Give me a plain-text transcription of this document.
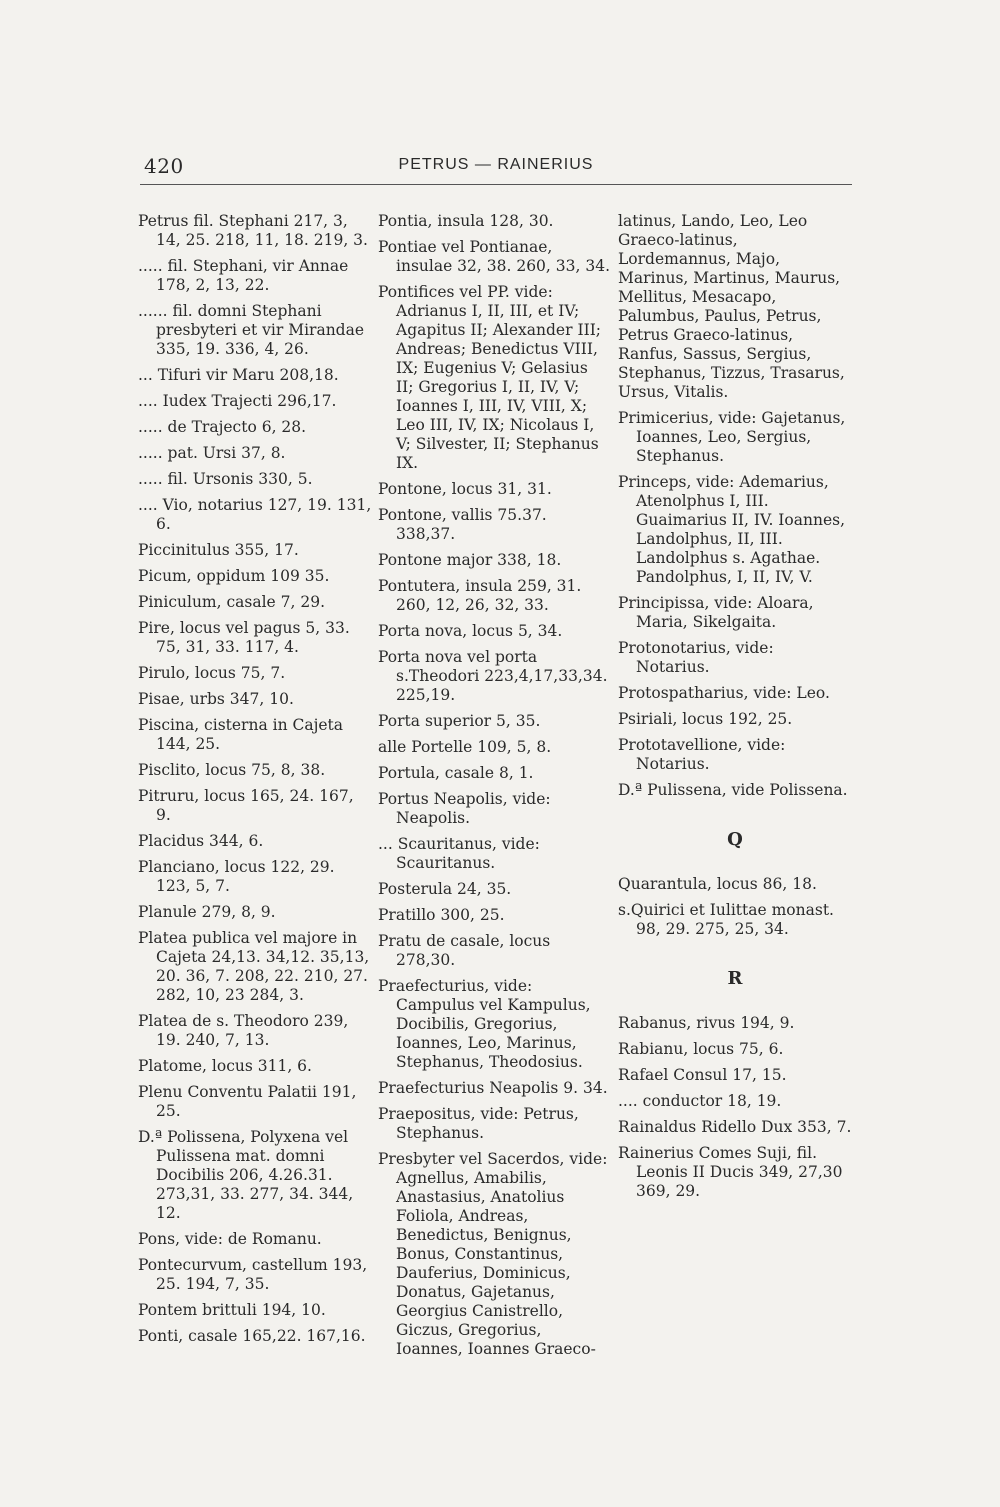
420	PETRUS — RAINERIUS
Petrus fil. Stephani 217, 3, 14, 25. 218, 11, 18. 219, 3.
..... fil. Stephani, vir Annae 178, 2, 13, 22.
...... fil. domni Stephani presbyteri et vir Mirandae 335, 19. 336, 4, 26.
... Tifuri vir Maru 208,18.
.... Iudex Trajecti 296,17.
..... de Trajecto 6, 28.
..... pat. Ursi 37, 8.
..... fil. Ursonis 330, 5.
.... Vio, notarius 127, 19. 131, 6.
Piccinitulus 355, 17.
Picum, oppidum 109 35.
Piniculum, casale 7, 29.
Pire, locus vel pagus 5, 33. 75, 31, 33. 117, 4.
Pirulo, locus 75, 7.
Pisae, urbs 347, 10.
Piscina, cisterna in Cajeta 144, 25.
Pisclito, locus 75, 8, 38.
Pitruru, locus 165, 24. 167, 9.
Placidus 344, 6.
Planciano, locus 122, 29. 123, 5, 7.
Planule 279, 8, 9.
Platea publica vel majore in Cajeta 24,13. 34,12. 35,13, 20. 36, 7. 208, 22. 210, 27. 282, 10, 23 284, 3.
Platea de s. Theodoro 239, 19. 240, 7, 13.
Platome, locus 311, 6.
Plenu Conventu Palatii 191, 25.
D.ª Polissena, Polyxena vel Pulissena mat. domni Docibilis 206, 4.26.31. 273,31, 33. 277, 34. 344, 12.
Pons, vide: de Romanu.
Pontecurvum, castellum 193, 25. 194, 7, 35.
Pontem brittuli 194, 10.
Ponti, casale 165,22. 167,16.
Pontia, insula 128, 30.
Pontiae vel Pontianae, insulae 32, 38. 260, 33, 34.
Pontifices vel PP. vide: Adrianus I, II, III, et IV; Agapitus II; Alexander III; Andreas; Benedictus VIII, IX; Eugenius V; Gelasius II; Gregorius I, II, IV, V; Ioannes I, III, IV, VIII, X; Leo III, IV, IX; Nicolaus I, V; Silvester, II; Stephanus IX.
Pontone, locus 31, 31.
Pontone, vallis 75.37. 338,37.
Pontone major 338, 18.
Pontutera, insula 259, 31. 260, 12, 26, 32, 33.
Porta nova, locus 5, 34.
Porta nova vel porta s.Theodori 223,4,17,33,34. 225,19.
Porta superior 5, 35.
alle Portelle 109, 5, 8.
Portula, casale 8, 1.
Portus Neapolis, vide: Neapolis.
... Scauritanus, vide: Scauritanus.
Posterula 24, 35.
Pratillo 300, 25.
Pratu de casale, locus 278,30.
Praefecturius, vide: Campulus vel Kampulus, Docibilis, Gregorius, Ioannes, Leo, Marinus, Stephanus, Theodosius.
Praefecturius Neapolis 9. 34.
Praepositus, vide: Petrus, Stephanus.
Presbyter vel Sacerdos, vide: Agnellus, Amabilis, Anastasius, Anatolius Foliola, Andreas, Benedictus, Benignus, Bonus, Constantinus, Dauferius, Dominicus, Donatus, Gajetanus, Georgius Canistrello, Giczus, Gregorius, Ioannes, Ioannes Graeco-
latinus, Lando, Leo, Leo Graeco-latinus, Lordemannus, Majo, Marinus, Martinus, Maurus, Mellitus, Mesacapo, Palumbus, Paulus, Petrus, Petrus Graeco-latinus, Ranfus, Sassus, Sergius, Stephanus, Tizzus, Trasarus, Ursus, Vitalis.
Primicerius, vide: Gajetanus, Ioannes, Leo, Sergius, Stephanus.
Princeps, vide: Ademarius, Atenolphus I, III. Guaimarius II, IV. Ioannes, Landolphus, II, III. Landolphus s. Agathae. Pandolphus, I, II, IV, V.
Principissa, vide: Aloara, Maria, Sikelgaita.
Protonotarius, vide: Notarius.
Protospatharius, vide: Leo.
Psiriali, locus 192, 25.
Prototavellione, vide: Notarius.
D.ª Pulissena, vide Polissena.
Q
Quarantula, locus 86, 18.
s.Quirici et Iulittae monast. 98, 29. 275, 25, 34.
R
Rabanus, rivus 194, 9.
Rabianu, locus 75, 6.
Rafael Consul 17, 15.
.... conductor 18, 19.
Rainaldus Ridello Dux 353, 7.
Rainerius Comes Suji, fil. Leonis II Ducis 349, 27,30 369, 29.
